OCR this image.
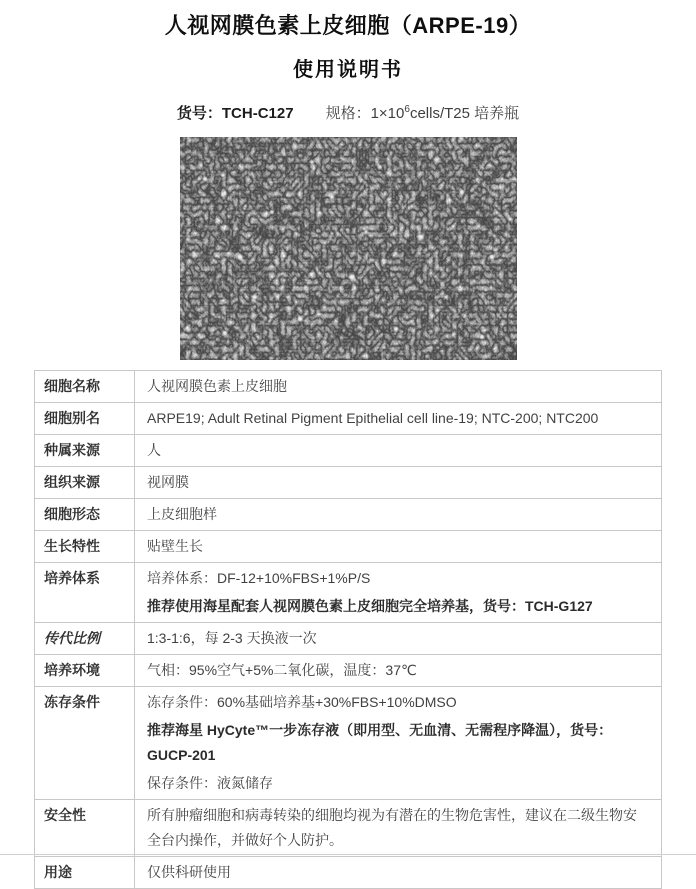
人视网膜色素上皮细胞（ARPE-19）
使用说明书
货号：TCH-C127 规格：$1\times 10^6cells/T25$ 培养瓶
细胞名称	人视网膜色素上皮细胞

细胞别名	ARPE19; Adult Retinal Pigment Epithelial cell line-19; NTC-200; NTC200

种属来源	人

组织来源	视网膜

细胞形态	上皮细胞样

生长特性	贴壁生长

培养体系	培养体系：DF-12+10%FBS+1%P/S

推荐使用海星配套人视网膜色素上皮细胞完全培养基，货号：TCH-G127

传代比例	1:3-1:6，每 2-3 天换液一次

培养环境	气相：95%空气+5%二氧化碳，温度：37℃

冻存条件	冻存条件：60%基础培养基+30%FBS+10%DMSO

推荐海星 HyCyte™一步冻存液（即用型、无血清、无需程序降温），货号：GUCP-201

保存条件：液氮储存

安全性	所有肿瘤细胞和病毒转染的细胞均视为有潜在的生物危害性，建议在二级生物安全台内操作，并做好个人防护。

用途	仅供科研使用
